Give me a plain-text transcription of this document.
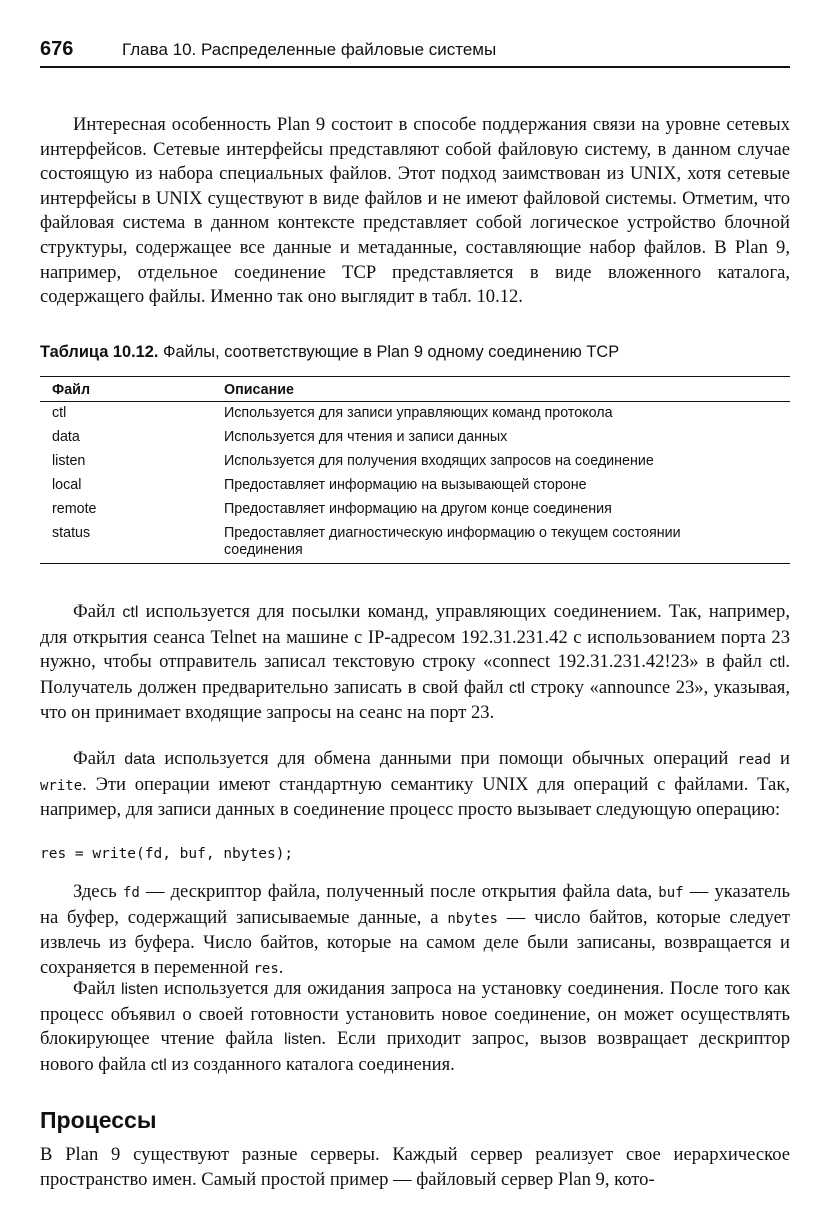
676	Глава 10. Распределенные файловые системы

Интересная особенность Plan 9 состоит в способе поддержания связи на уровне сетевых интерфейсов. Сетевые интерфейсы представляют собой файловую систему, в данном случае состоящую из набора специальных файлов. Этот подход заимствован из UNIX, хотя сетевые интерфейсы в UNIX существуют в виде файлов и не имеют файловой системы. Отметим, что файловая система в данном контексте представляет собой логическое устройство блочной структуры, содержащее все данные и метаданные, составляющие набор файлов. В Plan 9, например, отдельное соединение TCP представляется в виде вложенного каталога, содержащего файлы. Именно так оно выглядит в табл. 10.12.

Таблица 10.12. Файлы, соответствующие в Plan 9 одному соединению TCP
Файл	Описание
ctl	Используется для записи управляющих команд протокола
data	Используется для чтения и записи данных
listen	Используется для получения входящих запросов на соединение
local	Предоставляет информацию на вызывающей стороне
remote	Предоставляет информацию на другом конце соединения
status	Предоставляет диагностическую информацию о текущем состоянии соединения

Файл ctl используется для посылки команд, управляющих соединением. Так, например, для открытия сеанса Telnet на машине с IP-адресом 192.31.231.42 с использованием порта 23 нужно, чтобы отправитель записал текстовую строку «connect 192.31.231.42!23» в файл ctl. Получатель должен предварительно записать в свой файл ctl строку «announce 23», указывая, что он принимает входящие запросы на сеанс на порт 23.

Файл data используется для обмена данными при помощи обычных операций read и write. Эти операции имеют стандартную семантику UNIX для операций с файлами. Так, например, для записи данных в соединение процесс просто вызывает следующую операцию:

res = write(fd, buf, nbytes);

Здесь fd — дескриптор файла, полученный после открытия файла data, buf — указатель на буфер, содержащий записываемые данные, а nbytes — число байтов, которые следует извлечь из буфера. Число байтов, которые на самом деле были записаны, возвращается и сохраняется в переменной res.

Файл listen используется для ожидания запроса на установку соединения. После того как процесс объявил о своей готовности установить новое соединение, он может осуществлять блокирующее чтение файла listen. Если приходит запрос, вызов возвращает дескриптор нового файла ctl из созданного каталога соединения.

Процессы

В Plan 9 существуют разные серверы. Каждый сервер реализует свое иерархическое пространство имен. Самый простой пример — файловый сервер Plan 9, кото-
